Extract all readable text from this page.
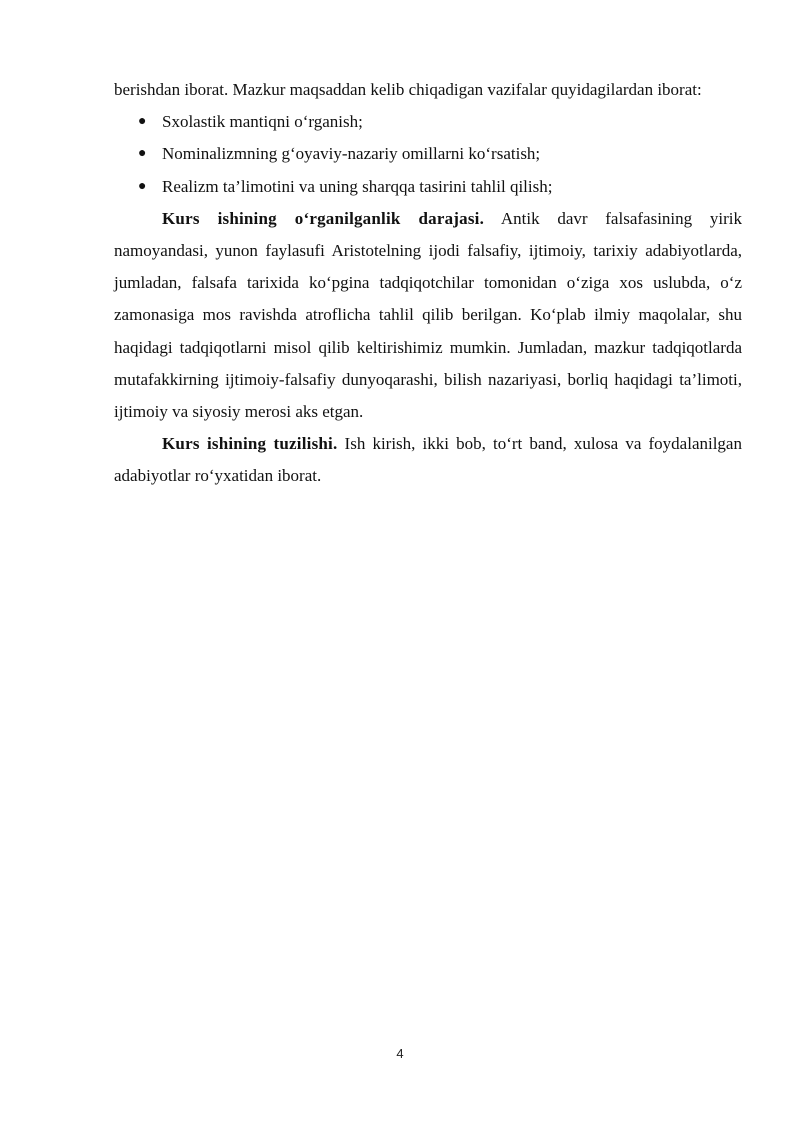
berishdan iborat. Mazkur maqsaddan kelib chiqadigan vazifalar quyidagilardan iborat:

● Sxolastik mantiqni o‘rganish;
● Nominalizmning g‘oyaviy-nazariy omillarni ko‘rsatish;
● Realizm ta’limotini va uning sharqqa tasirini tahlil qilish;

Kurs ishining o‘rganilganlik darajasi. Antik davr falsafasining yirik namoyandasi, yunon faylasufi Aristotelning ijodi falsafiy, ijtimoiy, tarixiy adabiyotlarda, jumladan, falsafa tarixida ko‘pgina tadqiqotchilar tomonidan o‘ziga xos uslubda, o‘z zamonasiga mos ravishda atroflicha tahlil qilib berilgan. Ko‘plab ilmiy maqolalar, shu haqidagi tadqiqotlarni misol qilib keltirishimiz mumkin. Jumladan, mazkur tadqiqotlarda mutafakkirning ijtimoiy-falsafiy dunyoqarashi, bilish nazariyasi, borliq haqidagi ta’limoti, ijtimoiy va siyosiy merosi aks etgan.

Kurs ishining tuzilishi. Ish kirish, ikki bob, to‘rt band, xulosa va foydalanilgan adabiyotlar ro‘yxatidan iborat.

4
